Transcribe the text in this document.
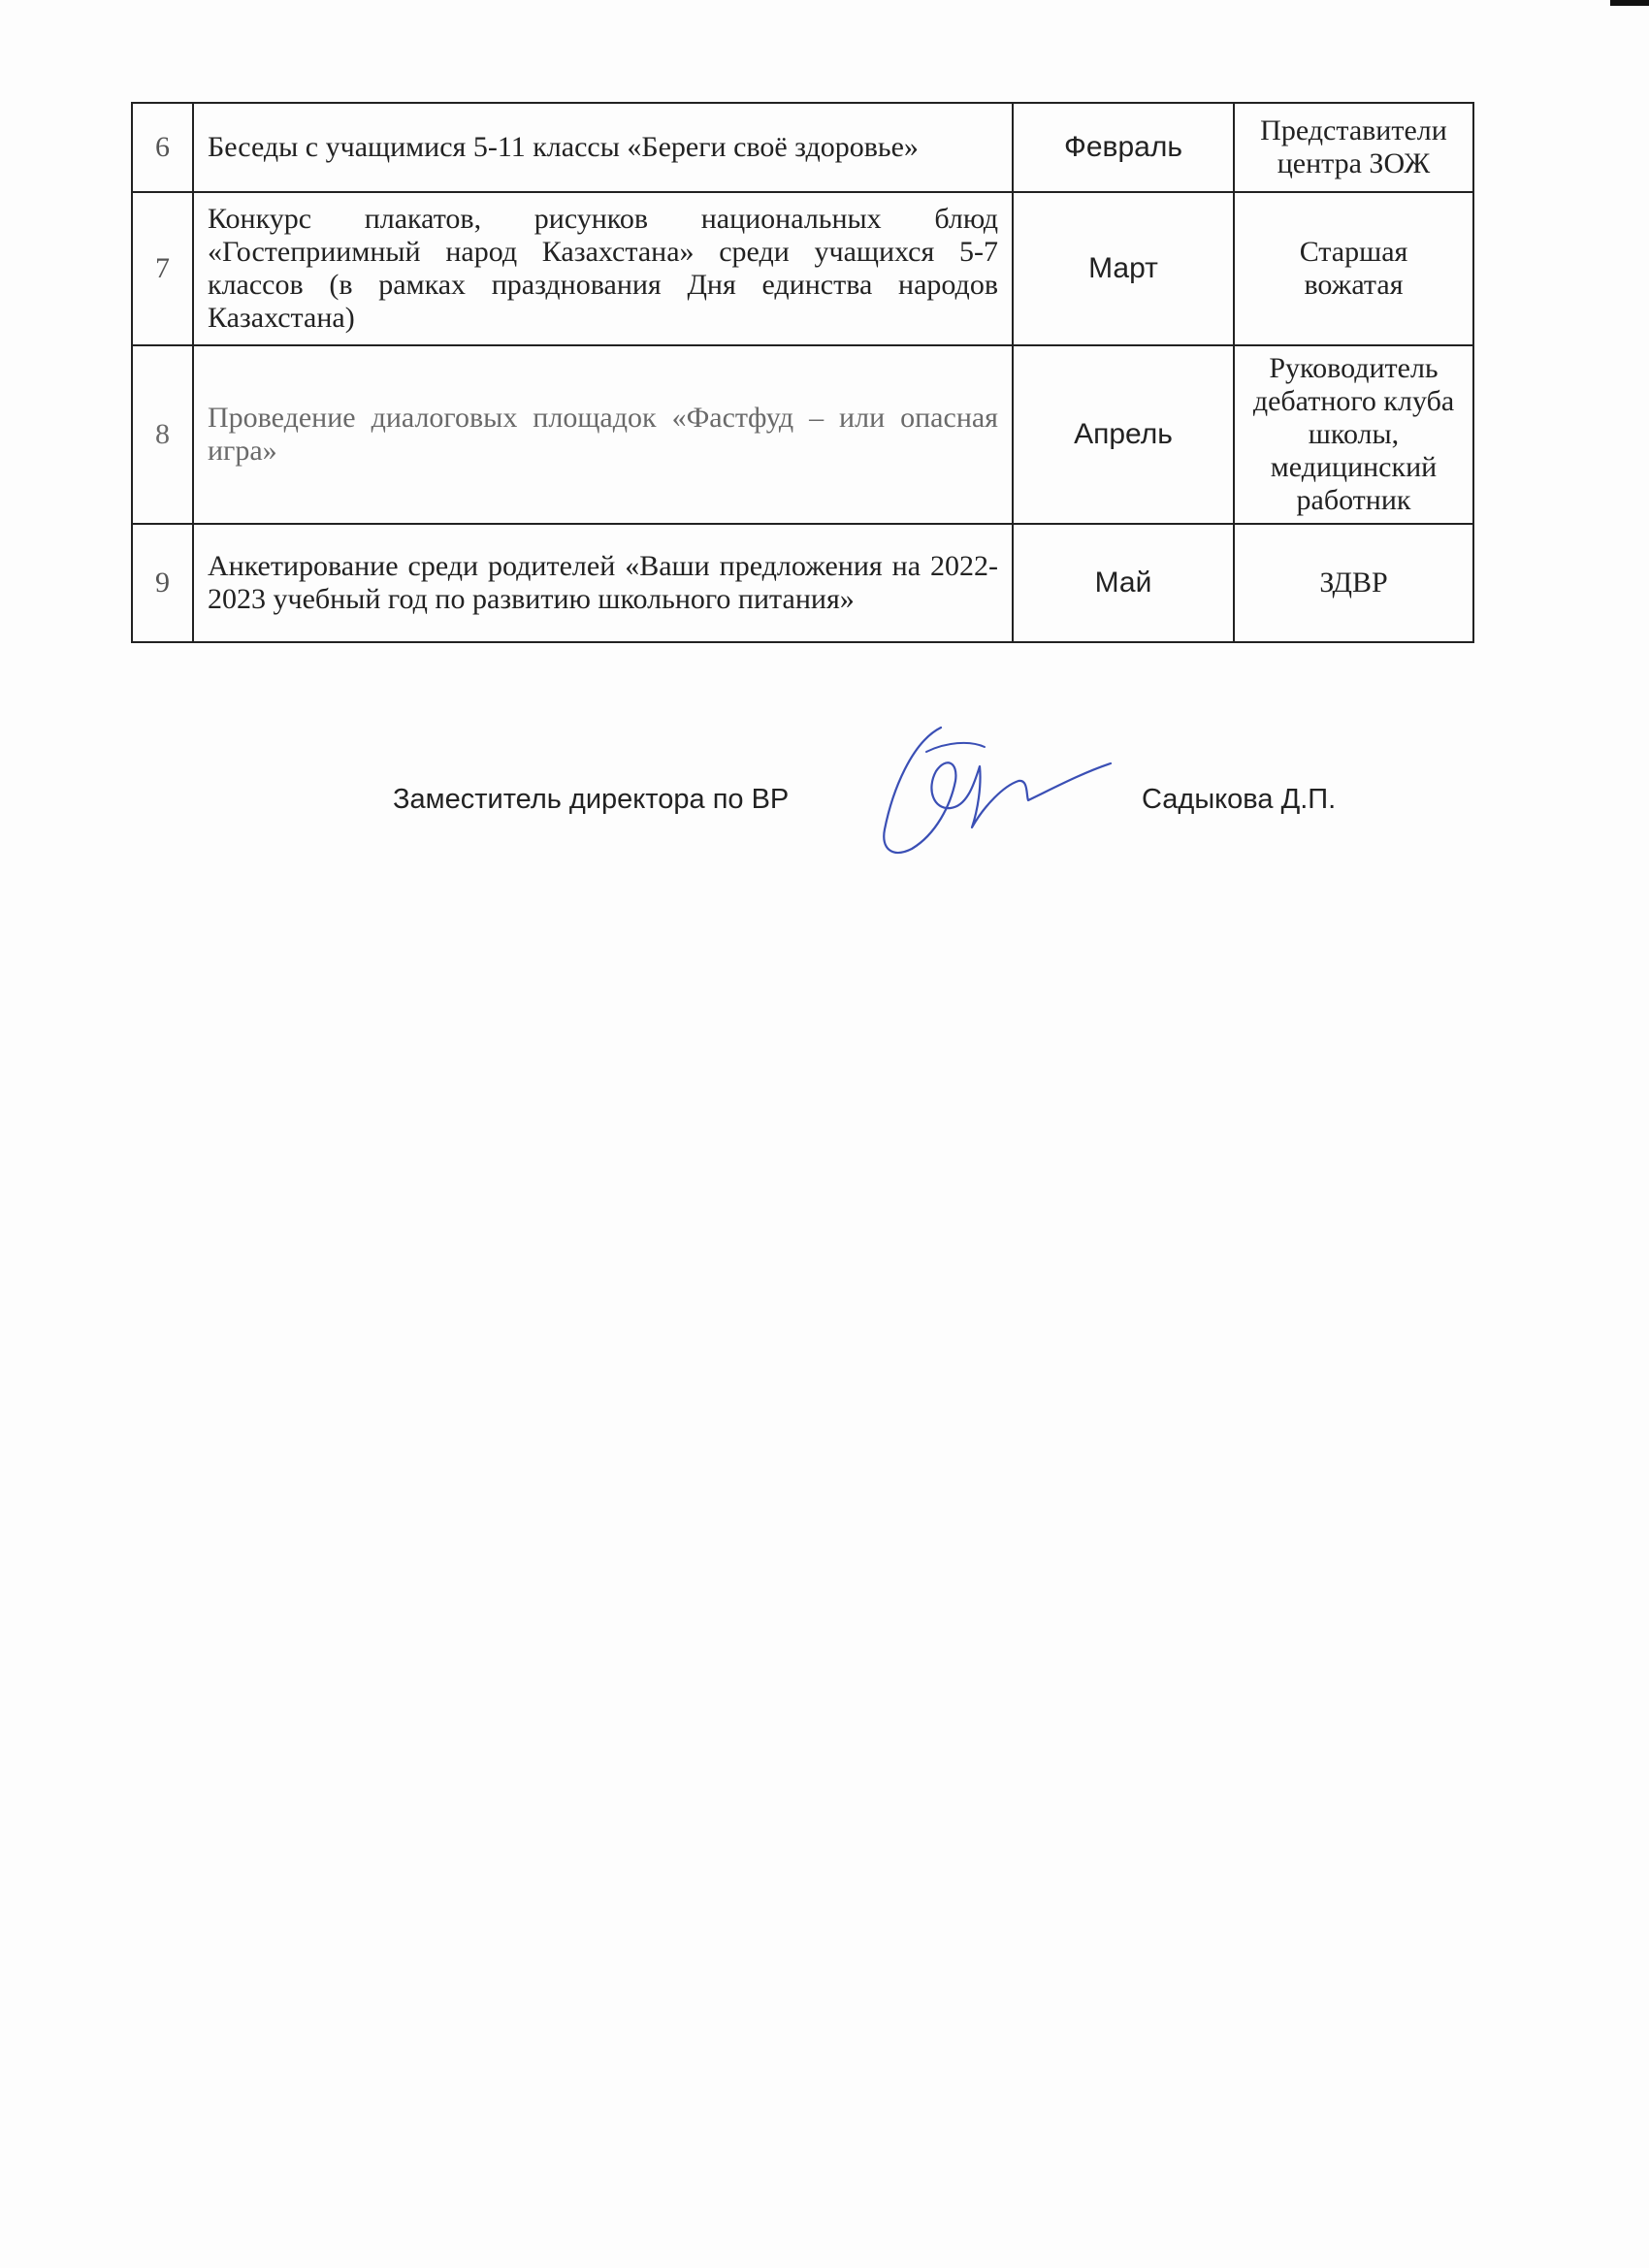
6	Беседы с учащимися 5-11 классы «Береги своё здоровье»	Февраль	Представители центра ЗОЖ
7	Конкурс плакатов, рисунков национальных блюд «Гостеприимный народ Казахстана» среди учащихся 5-7 классов (в рамках празднования Дня единства народов Казахстана)	Март	Старшая вожатая
8	Проведение диалоговых площадок «Фастфуд – или опасная игра»	Апрель	Руководитель дебатного клуба школы, медицинский работник
9	Анкетирование среди родителей «Ваши предложения на 2022-2023 учебный год по развитию школьного питания»	Май	ЗДВР
Заместитель директора по ВР	Садыкова Д.П.
